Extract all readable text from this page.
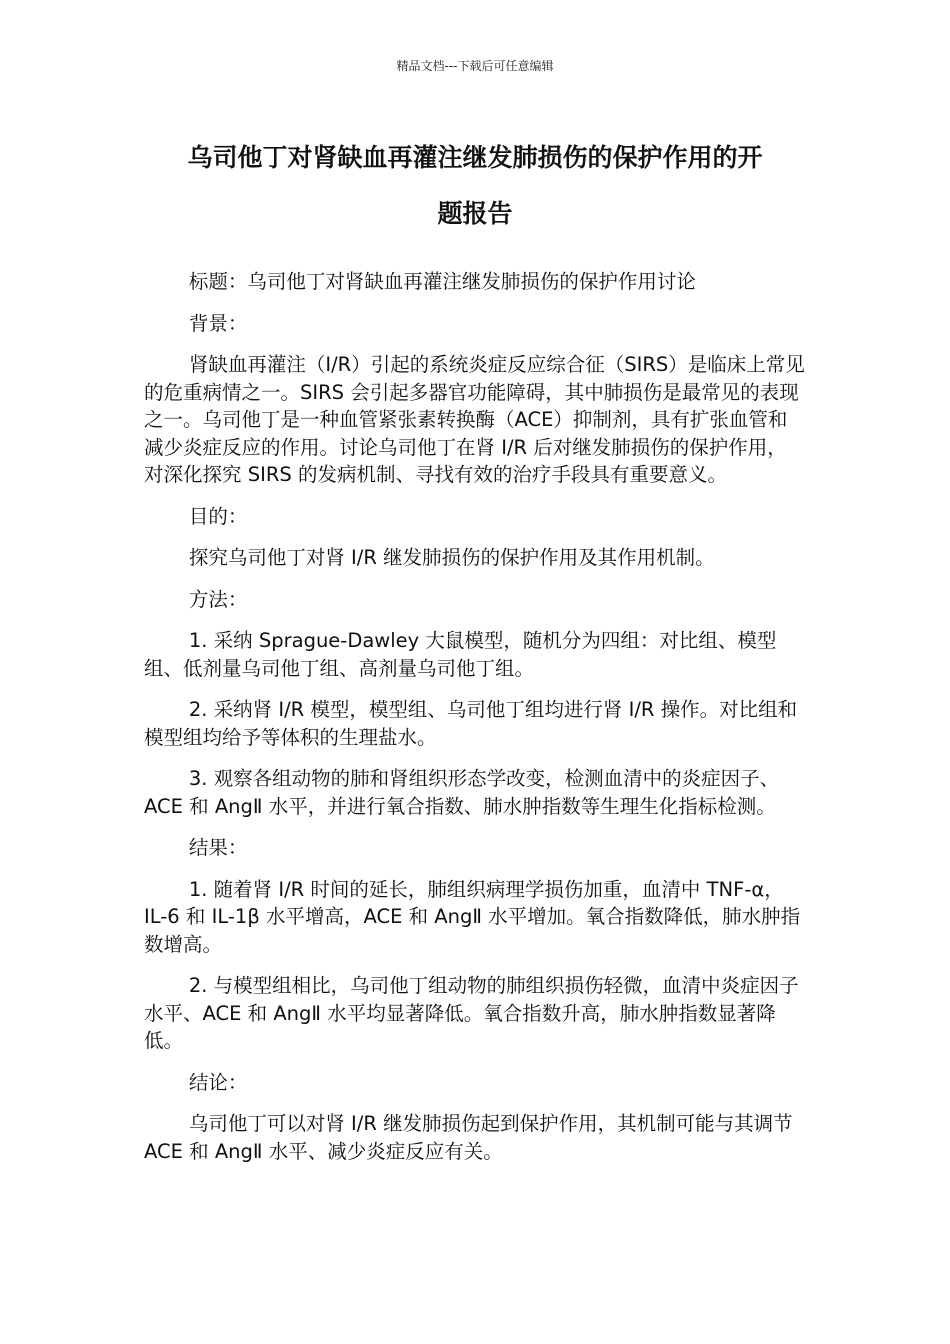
精品文档---下载后可任意编辑
乌司他丁对肾缺血再灌注继发肺损伤的保护作用的开
题报告

标题：乌司他丁对肾缺血再灌注继发肺损伤的保护作用讨论

背景：

肾缺血再灌注（I/R）引起的系统炎症反应综合征（SIRS）是临床上常见的危重病情之一。SIRS 会引起多器官功能障碍，其中肺损伤是最常见的表现之一。乌司他丁是一种血管紧张素转换酶（ACE）抑制剂，具有扩张血管和减少炎症反应的作用。讨论乌司他丁在肾 I/R 后对继发肺损伤的保护作用，对深化探究 SIRS 的发病机制、寻找有效的治疗手段具有重要意义。

目的：

探究乌司他丁对肾 I/R 继发肺损伤的保护作用及其作用机制。

方法：

1. 采纳 Sprague-Dawley 大鼠模型，随机分为四组：对比组、模型组、低剂量乌司他丁组、高剂量乌司他丁组。

2. 采纳肾 I/R 模型，模型组、乌司他丁组均进行肾 I/R 操作。对比组和模型组均给予等体积的生理盐水。

3. 观察各组动物的肺和肾组织形态学改变，检测血清中的炎症因子、ACE 和 AngⅡ 水平，并进行氧合指数、肺水肿指数等生理生化指标检测。

结果：

1. 随着肾 I/R 时间的延长，肺组织病理学损伤加重，血清中 TNF-α，IL-6 和 IL-1β 水平增高，ACE 和 AngⅡ 水平增加。氧合指数降低，肺水肿指数增高。

2. 与模型组相比，乌司他丁组动物的肺组织损伤轻微，血清中炎症因子水平、ACE 和 AngⅡ 水平均显著降低。氧合指数升高，肺水肿指数显著降低。

结论：

乌司他丁可以对肾 I/R 继发肺损伤起到保护作用，其机制可能与其调节 ACE 和 AngⅡ 水平、减少炎症反应有关。
